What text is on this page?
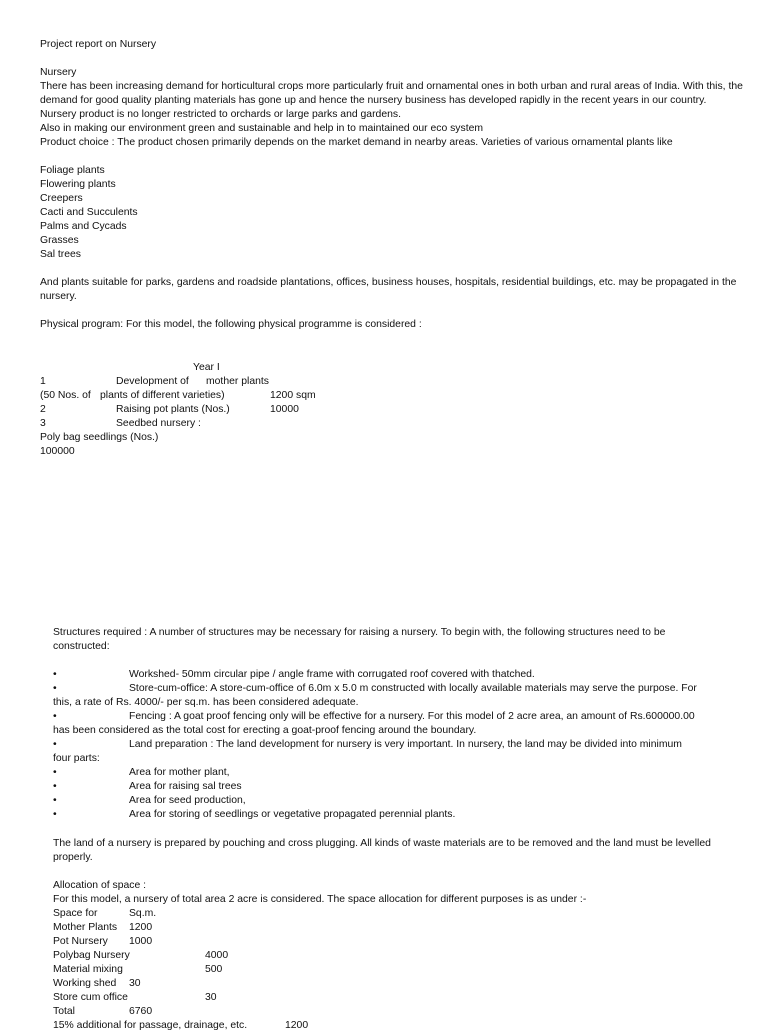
Project report on Nursery
Nursery
There has been increasing demand for horticultural crops more particularly fruit and ornamental ones in both urban and rural areas of India. With this, the demand for good quality planting materials has gone up and hence the nursery business has developed rapidly in the recent years in our country. Nursery product is no longer restricted to orchards or large parks and gardens.
Also in making our environment green and sustainable and help in to maintained our eco system
Product choice : The product chosen primarily depends on the market demand in nearby areas. Varieties of various ornamental plants like
Foliage plants
Flowering plants
Creepers
Cacti and Succulents
Palms and Cycads
Grasses
Sal trees
And plants suitable for parks, gardens and roadside plantations, offices, business houses, hospitals, residential buildings, etc. may be propagated in the nursery.
Physical program: For this model, the following physical programme is considered :
Year I
1	Development of mother plants
(50 Nos. of plants of different varieties)	1200 sqm
2	Raising pot plants (Nos.)	10000
3	Seedbed nursery :
Poly bag seedlings (Nos.)
100000
Structures required : A number of structures may be necessary for raising a nursery. To begin with, the following structures need to be constructed:
•	Workshed- 50mm circular pipe / angle frame with corrugated roof covered with thatched.
•	Store-cum-office: A store-cum-office of 6.0m x 5.0 m constructed with locally available materials may serve the purpose. For
this, a rate of Rs. 4000/- per sq.m. has been considered adequate.
•	Fencing : A goat proof fencing only will be effective for a nursery. For this model of 2 acre area, an amount of Rs.600000.00
has been considered as the total cost for erecting a goat-proof fencing around the boundary.
•	Land preparation : The land development for nursery is very important. In nursery, the land may be divided into minimum
four parts:
•	Area for mother plant,
•	Area for raising sal trees
•	Area for seed production,
•	Area for storing of seedlings or vegetative propagated perennial plants.
The land of a nursery is prepared by pouching and cross plugging. All kinds of waste materials are to be removed and the land must be levelled properly.
Allocation of space :
For this model, a nursery of total area 2 acre is considered. The space allocation for different purposes is as under :-
Space for	Sq.m.
Mother Plants 1200
Pot Nursery 1000
Polybag Nursery	4000
Material mixing	500
Working shed 30
Store cum office	30
Total	6760
15% additional for passage, drainage, etc.	1200
